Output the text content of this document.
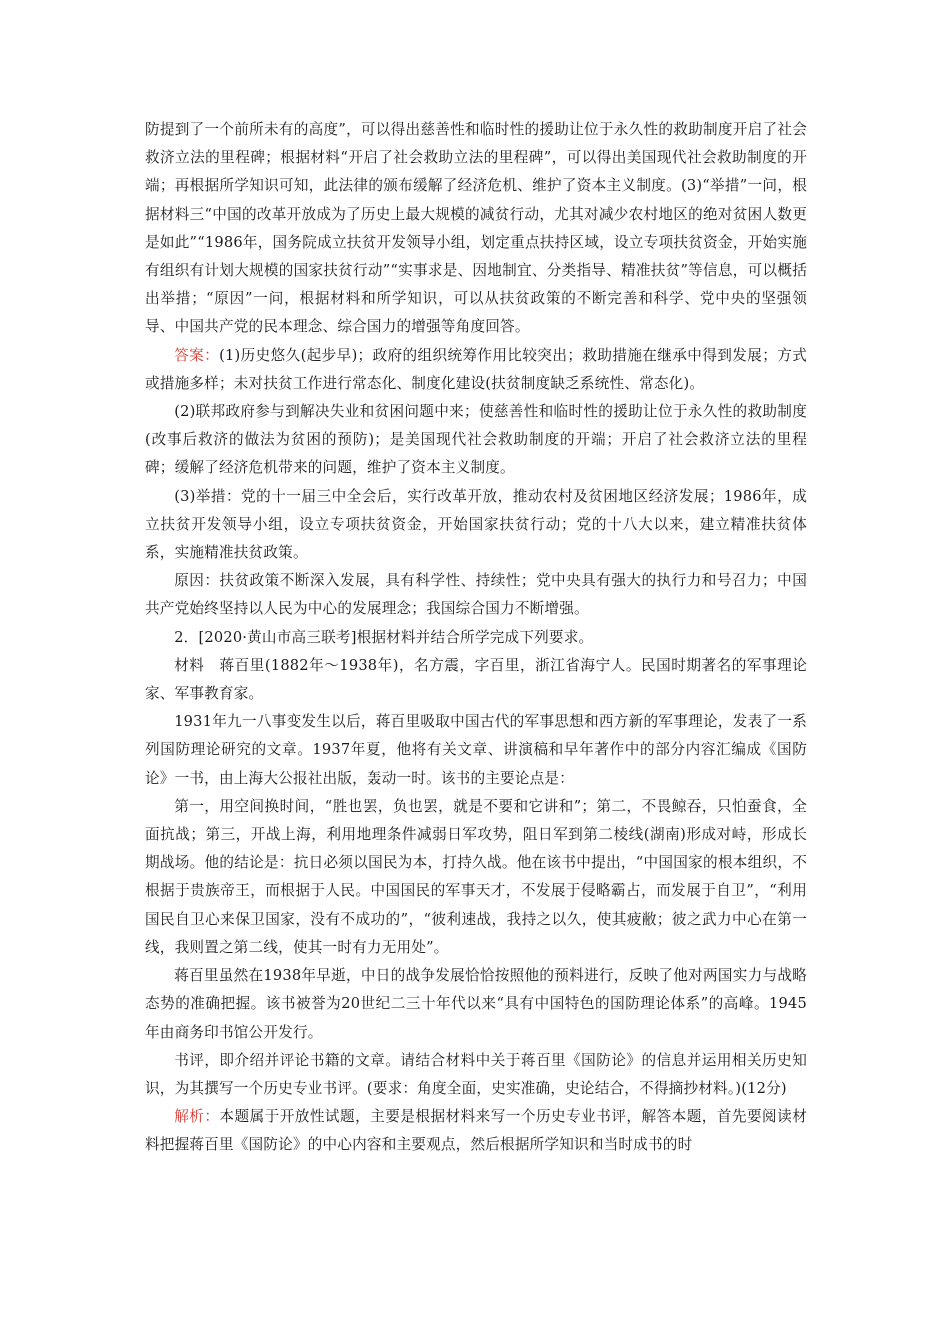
防提到了一个前所未有的高度”，可以得出慈善性和临时性的援助让位于永久性的救助制度开启了社会救济立法的里程碑；根据材料“开启了社会救助立法的里程碑”，可以得出美国现代社会救助制度的开端；再根据所学知识可知，此法律的颁布缓解了经济危机、维护了资本主义制度。(3)“举措”一问，根据材料三“中国的改革开放成为了历史上最大规模的减贫行动，尤其对减少农村地区的绝对贫困人数更是如此”“1986年，国务院成立扶贫开发领导小组，划定重点扶持区域，设立专项扶贫资金，开始实施有组织有计划大规模的国家扶贫行动”“实事求是、因地制宜、分类指导、精准扶贫”等信息，可以概括出举措；“原因”一问，根据材料和所学知识，可以从扶贫政策的不断完善和科学、党中央的坚强领导、中国共产党的民本理念、综合国力的增强等角度回答。

答案：(1)历史悠久(起步早)；政府的组织统筹作用比较突出；救助措施在继承中得到发展；方式或措施多样；未对扶贫工作进行常态化、制度化建设(扶贫制度缺乏系统性、常态化)。

(2)联邦政府参与到解决失业和贫困问题中来；使慈善性和临时性的援助让位于永久性的救助制度(改事后救济的做法为贫困的预防)；是美国现代社会救助制度的开端；开启了社会救济立法的里程碑；缓解了经济危机带来的问题，维护了资本主义制度。

(3)举措：党的十一届三中全会后，实行改革开放，推动农村及贫困地区经济发展；1986年，成立扶贫开发领导小组，设立专项扶贫资金，开始国家扶贫行动；党的十八大以来，建立精准扶贫体系，实施精准扶贫政策。

原因：扶贫政策不断深入发展，具有科学性、持续性；党中央具有强大的执行力和号召力；中国共产党始终坚持以人民为中心的发展理念；我国综合国力不断增强。

2．[2020·黄山市高三联考]根据材料并结合所学完成下列要求。

材料　蒋百里(1882年～1938年)，名方震，字百里，浙江省海宁人。民国时期著名的军事理论家、军事教育家。

1931年九一八事变发生以后，蒋百里吸取中国古代的军事思想和西方新的军事理论，发表了一系列国防理论研究的文章。1937年夏，他将有关文章、讲演稿和早年著作中的部分内容汇编成《国防论》一书，由上海大公报社出版，轰动一时。该书的主要论点是：

第一，用空间换时间，“胜也罢，负也罢，就是不要和它讲和”；第二，不畏鲸吞，只怕蚕食，全面抗战；第三，开战上海，利用地理条件减弱日军攻势，阻日军到第二棱线(湖南)形成对峙，形成长期战场。他的结论是：抗日必须以国民为本，打持久战。他在该书中提出，“中国国家的根本组织，不根据于贵族帝王，而根据于人民。中国国民的军事天才，不发展于侵略霸占，而发展于自卫”，“利用国民自卫心来保卫国家，没有不成功的”，“彼利速战，我持之以久，使其疲敝；彼之武力中心在第一线，我则置之第二线，使其一时有力无用处”。

蒋百里虽然在1938年早逝，中日的战争发展恰恰按照他的预料进行，反映了他对两国实力与战略态势的准确把握。该书被誉为20世纪二三十年代以来“具有中国特色的国防理论体系”的高峰。1945年由商务印书馆公开发行。

书评，即介绍并评论书籍的文章。请结合材料中关于蒋百里《国防论》的信息并运用相关历史知识，为其撰写一个历史专业书评。(要求：角度全面，史实准确，史论结合，不得摘抄材料。)(12分)

解析：本题属于开放性试题，主要是根据材料来写一个历史专业书评，解答本题，首先要阅读材料把握蒋百里《国防论》的中心内容和主要观点，然后根据所学知识和当时成书的时
